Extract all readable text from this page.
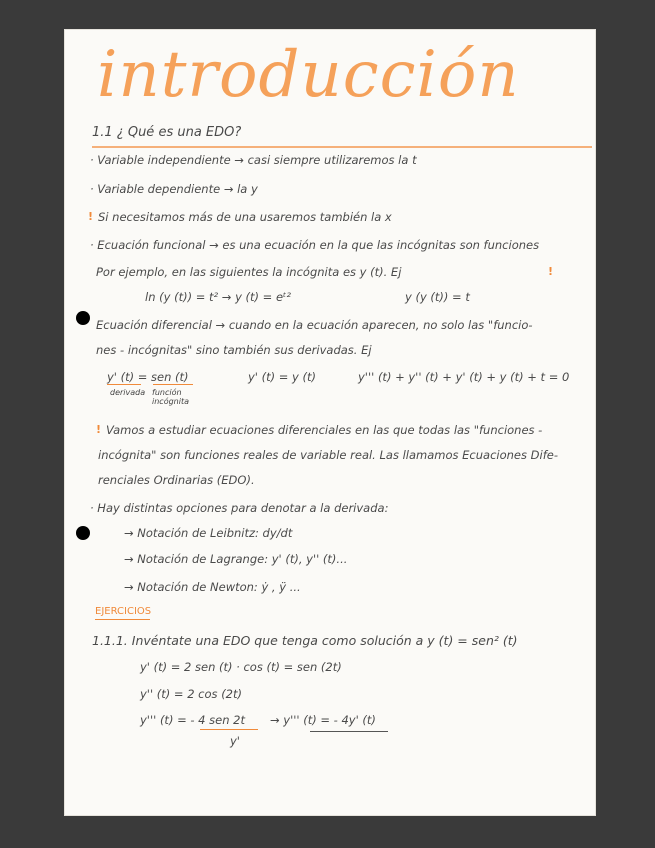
introducción
1.1 ¿ Qué es una EDO?
· Variable independiente → casi siempre utilizaremos la t
· Variable dependiente → la y
! Si necesitamos más de una usaremos también la x
· Ecuación funcional → es una ecuación en la que las incógnitas son funciones
Por ejemplo, en las siguientes la incógnita es y (t). Ej	!
ln (y (t)) = t² → y (t) = eᵗ²	y (y (t)) = t
Ecuación diferencial → cuando en la ecuación aparecen, no solo las "funcio-
nes - incógnitas" sino también sus derivadas. Ej
y' (t) = sen (t)
derivada función incógnita
y' (t) = y (t)	y''' (t) + y'' (t) + y' (t) + y (t) + t = 0
! Vamos a estudiar ecuaciones diferenciales en las que todas las "funciones -
incógnita" son funciones reales de variable real. Las llamamos Ecuaciones Dife-
renciales Ordinarias (EDO).
· Hay distintas opciones para denotar a la derivada:
→ Notación de Leibnitz: dy/dt
→ Notación de Lagrange: y' (t), y'' (t)...
→ Notación de Newton: ẏ , ÿ ...
EJERCICIOS
1.1.1. Invéntate una EDO que tenga como solución a y (t) = sen² (t)
y' (t) = 2 sen (t) · cos (t) = sen (2t)
y'' (t) = 2 cos (2t)
y''' (t) = - 4 sen 2t → y''' (t) = - 4y' (t)
y'
